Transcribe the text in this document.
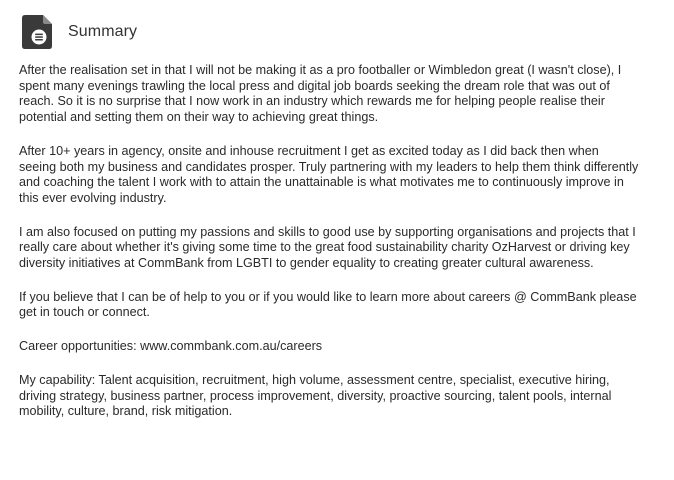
Summary

After the realisation set in that I will not be making it as a pro footballer or Wimbledon great (I wasn't close), I spent many evenings trawling the local press and digital job boards seeking the dream role that was out of reach. So it is no surprise that I now work in an industry which rewards me for helping people realise their potential and setting them on their way to achieving great things.

After 10+ years in agency, onsite and inhouse recruitment I get as excited today as I did back then when seeing both my business and candidates prosper. Truly partnering with my leaders to help them think differently and coaching the talent I work with to attain the unattainable is what motivates me to continuously improve in this ever evolving industry.

I am also focused on putting my passions and skills to good use by supporting organisations and projects that I really care about whether it's giving some time to the great food sustainability charity OzHarvest or driving key diversity initiatives at CommBank from LGBTI to gender equality to creating greater cultural awareness.

If you believe that I can be of help to you or if you would like to learn more about careers @ CommBank please get in touch or connect.

Career opportunities: www.commbank.com.au/careers

My capability: Talent acquisition, recruitment, high volume, assessment centre, specialist, executive hiring, driving strategy, business partner, process improvement, diversity, proactive sourcing, talent pools, internal mobility, culture, brand, risk mitigation.
